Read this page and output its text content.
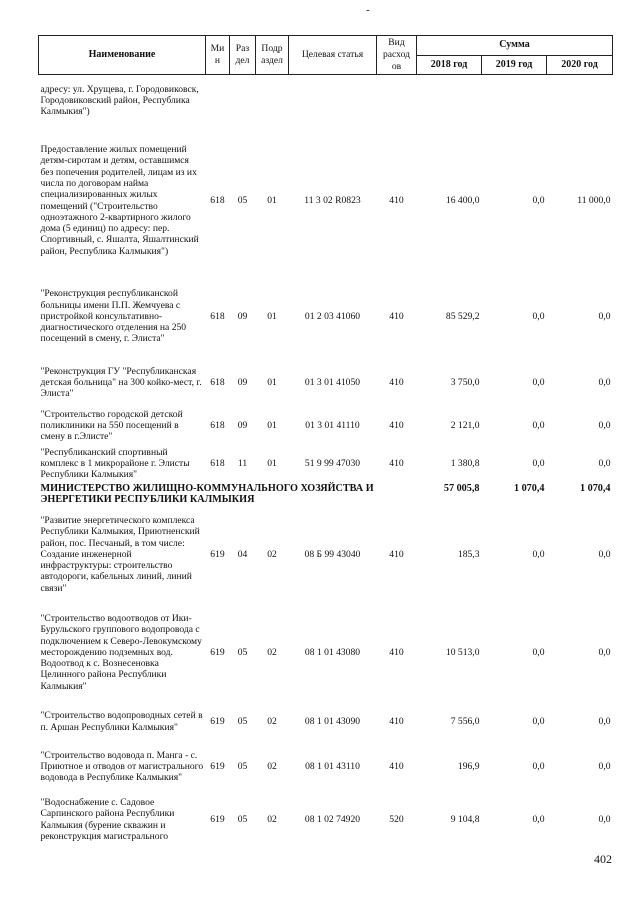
-
Наименование	Ми н	Раз дел	Подр аздел	Целевая статья	Вид расход ов	Сумма		
						2018 год	2019 год	2020 год
адресу: ул. Хрущева, г. Городовиковск, Городовиковский район, Республика Калмыкия")								
Предоставление жилых помещений детям-сиротам и детям, оставшимся без попечения родителей, лицам из их числа по договорам найма специализированных жилых помещений ("Строительство одноэтажного 2-квартирного жилого дома (5 единиц) по адресу: пер. Спортивный, с. Яшалта, Яшалтинский район, Республика Калмыкия")	618	05	01	11 3 02 R0823	410	16 400,0	0,0	11 000,0
"Реконструкция республиканской больницы имени П.П. Жемчуева с пристройкой консультативно-диагностического отделения на 250 посещений в смену, г. Элиста"	618	09	01	01 2 03 41060	410	85 529,2	0,0	0,0
"Реконструкция ГУ "Республиканская детская больница" на 300 койко-мест, г. Элиста"	618	09	01	01 3 01 41050	410	3 750,0	0,0	0,0
"Строительство городской детской поликлиники на 550 посещений в смену в г.Элисте"	618	09	01	01 3 01 41110	410	2 121,0	0,0	0,0
"Республиканский спортивный комплекс в 1 микрорайоне г. Элисты Республики Калмыкия"	618	11	01	51 9 99 47030	410	1 380,8	0,0	0,0
МИНИСТЕРСТВО ЖИЛИЩНО-КОММУНАЛЬНОГО ХОЗЯЙСТВА И ЭНЕРГЕТИКИ РЕСПУБЛИКИ КАЛМЫКИЯ						57 005,8	1 070,4	1 070,4
"Развитие энергетического комплекса Республики Калмыкия, Приютненский район, пос. Песчаный, в том числе: Создание инженерной инфраструктуры: строительство автодороги, кабельных линий, линий связи"	619	04	02	08 Б 99 43040	410	185,3	0,0	0,0
"Строительство водоотводов от Ики-Бурульского группового водопровода с подключением к Северо-Левокумскому месторождению подземных вод. Водоотвод к с. Вознесеновка Целинного района Республики Калмыкия"	619	05	02	08 1 01 43080	410	10 513,0	0,0	0,0
"Строительство водопроводных сетей в п. Аршан Республики Калмыкия"	619	05	02	08 1 01 43090	410	7 556,0	0,0	0,0
"Строительство водовода п. Манга - с. Приютное и отводов от магистрального водовода в Республике Калмыкия"	619	05	02	08 1 01 43110	410	196,9	0,0	0,0
"Водоснабжение с. Садовое Сарпинского района Республики Калмыкия (бурение скважин и реконструкция магистрального	619	05	02	08 1 02 74920	520	9 104,8	0,0	0,0
402
